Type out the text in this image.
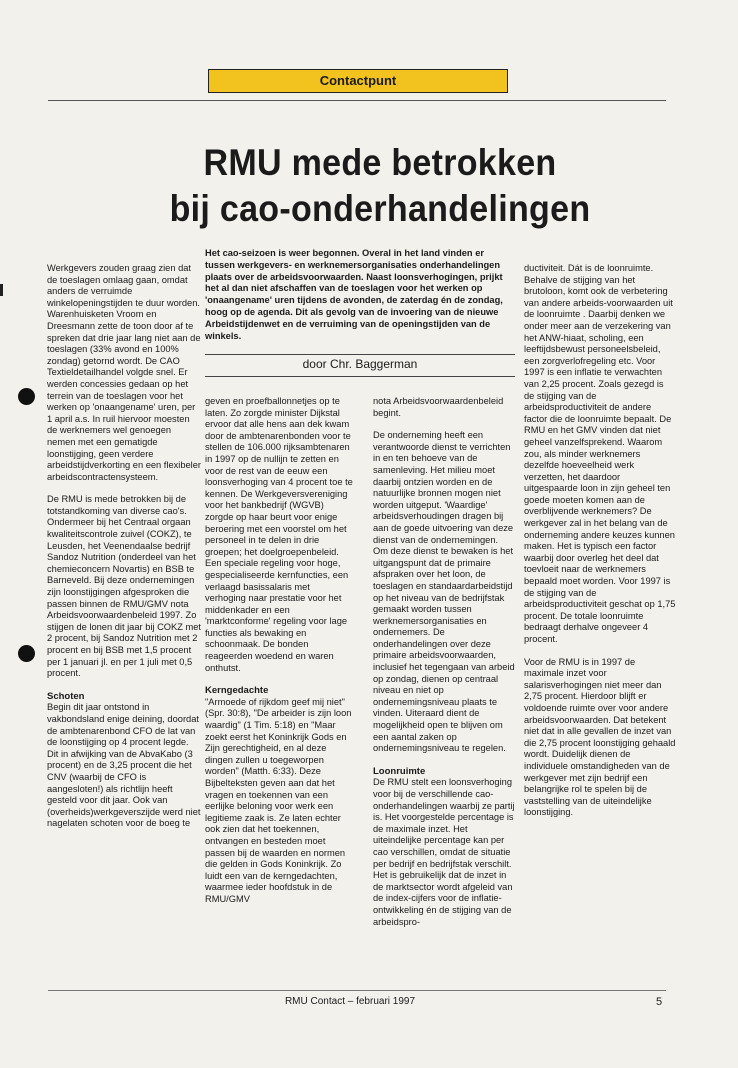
Contactpunt
RMU mede betrokken
bij cao-onderhandelingen
Het cao-seizoen is weer begonnen. Overal in het land vinden er tussen werkgevers- en werknemersorganisaties onderhandelingen plaats over de arbeidsvoorwaarden. Naast loonsverhogingen, prijkt het al dan niet afschaffen van de toeslagen voor het werken op 'onaangename' uren tijdens de avonden, de zaterdag én de zondag, hoog op de agenda. Dit als gevolg van de invoering van de nieuwe Arbeidstijdenwet en de verruiming van de openingstijden van de winkels.
door Chr. Baggerman

Werkgevers zouden graag zien dat de toeslagen omlaag gaan, omdat anders de verruimde winkelopeningstijden te duur worden. Warenhuisketen Vroom en Dreesmann zette de toon door af te spreken dat drie jaar lang niet aan de toeslagen (33% avond en 100% zondag) getornd wordt. De CAO Textieldetailhandel volgde snel. Er werden concessies gedaan op het terrein van de toeslagen voor het werken op 'onaangename' uren, per 1 april a.s. In ruil hiervoor moesten de werknemers wel genoegen nemen met een gematigde loonstijging, geen verdere arbeidstijdverkorting en een flexibeler arbeidscontractensysteem.

De RMU is mede betrokken bij de totstandkoming van diverse cao's. Ondermeer bij het Centraal orgaan kwaliteitscontrole zuivel (COKZ), te Leusden, het Veenendaalse bedrijf Sandoz Nutrition (onderdeel van het chemieconcern Novartis) en BSB te Barneveld. Bij deze ondernemingen zijn loonstijgingen afgesproken die passen binnen de RMU/GMV nota Arbeidsvoorwaardenbeleid 1997. Zo stijgen de lonen dit jaar bij COKZ met 2 procent, bij Sandoz Nutrition met 2 procent en bij BSB met 1,5 procent per 1 januari jl. en per 1 juli met 0,5 procent.

Schoten

Begin dit jaar ontstond in vakbondsland enige deining, doordat de ambtenarenbond CFO de lat van de loonstijging op 4 procent legde. Dit in afwijking van de AbvaKabo (3 procent) en de 3,25 procent die het CNV (waarbij de CFO is aangesloten!) als richtlijn heeft gesteld voor dit jaar. Ook van (overheids)werkgeverszijde werd niet nagelaten schoten voor de boeg te

geven en proefballonnetjes op te laten. Zo zorgde minister Dijkstal ervoor dat alle hens aan dek kwam door de ambtenarenbonden voor te stellen de 106.000 rijksambtenaren in 1997 op de nullijn te zetten en voor de rest van de eeuw een loonsverhoging van 4 procent toe te kennen. De Werkgeversvereniging voor het bankbedrijf (WGVB) zorgde op haar beurt voor enige beroering met een voorstel om het personeel in te delen in drie groepen; het doelgroepenbeleid. Een speciale regeling voor hoge, gespecialiseerde kernfuncties, een verlaagd basissalaris met verhoging naar prestatie voor het middenkader en een 'marktconforme' regeling voor lage functies als bewaking en schoonmaak. De bonden reageerden woedend en waren onthutst.

Kerngedachte

"Armoede of rijkdom geef mij niet" (Spr. 30:8), "De arbeider is zijn loon waardig" (1 Tim. 5:18) en "Maar zoekt eerst het Koninkrijk Gods en Zijn gerechtigheid, en al deze dingen zullen u toegeworpen worden" (Matth. 6:33). Deze Bijbelteksten geven aan dat het vragen en toekennen van een eerlijke beloning voor werk een legitieme zaak is. Ze laten echter ook zien dat het toekennen, ontvangen en besteden moet passen bij de waarden en normen die gelden in Gods Koninkrijk. Zo luidt een van de kerngedachten, waarmee ieder hoofdstuk in de RMU/GMV

nota Arbeidsvoorwaardenbeleid begint.

De onderneming heeft een verantwoorde dienst te verrichten in en ten behoeve van de samenleving. Het milieu moet daarbij ontzien worden en de natuurlijke bronnen mogen niet worden uitgeput. 'Waardige' arbeidsverhoudingen dragen bij aan de goede uitvoering van deze dienst van de ondernemingen. Om deze dienst te bewaken is het uitgangspunt dat de primaire afspraken over het loon, de toeslagen en standaardarbeidstijd op het niveau van de bedrijfstak gemaakt worden tussen werknemersorganisaties en ondernemers. De onderhandelingen over deze primaire arbeidsvoorwaarden, inclusief het tegengaan van arbeid op zondag, dienen op centraal niveau en niet op ondernemingsniveau plaats te vinden. Uiteraard dient de mogelijkheid open te blijven om een aantal zaken op ondernemingsniveau te regelen.

Loonruimte

De RMU stelt een loonsverhoging voor bij de verschillende cao-onderhandelingen waarbij ze partij is. Het voorgestelde percentage is de maximale inzet. Het uiteindelijke percentage kan per cao verschillen, omdat de situatie per bedrijf en bedrijfstak verschilt. Het is gebruikelijk dat de inzet in de marktsector wordt afgeleid van de index-cijfers voor de inflatie-ontwikkeling én de stijging van de arbeidspro-

ductiviteit. Dát is de loonruimte. Behalve de stijging van het brutoloon, komt ook de verbetering van andere arbeids-voorwaarden uit de loonruimte . Daarbij denken we onder meer aan de verzekering van het ANW-hiaat, scholing, een leeftijdsbewust personeelsbeleid, een zorgverlofregeling etc. Voor 1997 is een inflatie te verwachten van 2,25 procent. Zoals gezegd is de stijging van de arbeidsproductiviteit de andere factor die de loonruimte bepaalt. De RMU en het GMV vinden dat niet geheel vanzelfsprekend. Waarom zou, als minder werknemers dezelfde hoeveelheid werk verzetten, het daardoor uitgespaarde loon in zijn geheel ten goede moeten komen aan de overblijvende werknemers? De werkgever zal in het belang van de onderneming andere keuzes kunnen maken. Het is typisch een factor waarbij door overleg het deel dat toevloeit naar de werknemers bepaald moet worden. Voor 1997 is de stijging van de arbeidsproductiviteit geschat op 1,75 procent. De totale loonruimte bedraagt derhalve ongeveer 4 procent.

Voor de RMU is in 1997 de maximale inzet voor salarisverhogingen niet meer dan 2,75 procent. Hierdoor blijft er voldoende ruimte over voor andere arbeidsvoorwaarden. Dat betekent niet dat in alle gevallen de inzet van die 2,75 procent loonstijging gehaald wordt. Duidelijk dienen de individuele omstandigheden van de werkgever met zijn bedrijf een belangrijke rol te spelen bij de vaststelling van de uiteindelijke loonstijging.

RMU Contact – februari 1997	5
